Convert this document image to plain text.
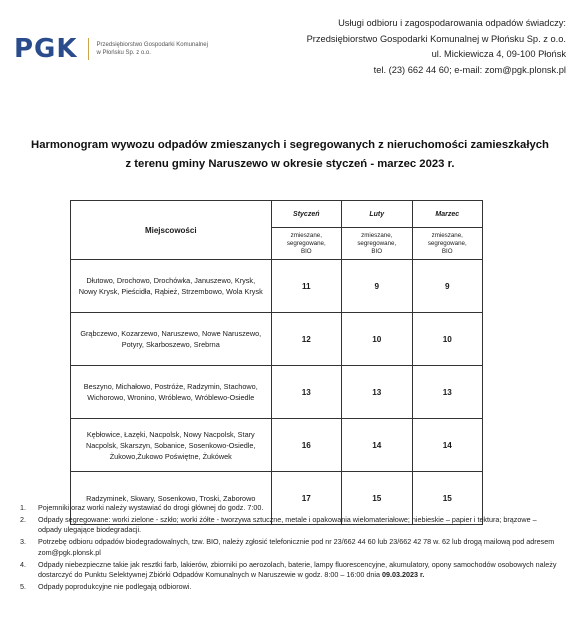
PGK	Przedsiębiorstwo Gospodarki Komunalnej
w Płońsku Sp. z o.o.
Usługi odbioru i zagospodarowania odpadów świadczy:
Przedsiębiorstwo Gospodarki Komunalnej w Płońsku Sp. z o.o.
ul. Mickiewicza 4, 09-100 Płońsk
tel. (23) 662 44 60; e-mail: zom@pgk.plonsk.pl
Harmonogram wywozu odpadów zmieszanych i segregowanych z nieruchomości zamieszkałych
z terenu gminy Naruszewo w okresie styczeń - marzec 2023 r.
Miejscowości	Styczeń	Luty	Marzec
	zmieszane,
segregowane,
BIO	zmieszane,
segregowane,
BIO	zmieszane,
segregowane,
BIO
Dłutowo, Drochowo, Drochówka, Januszewo, Krysk,
Nowy Krysk, Pieścidła, Rąbież, Strzembowo, Wola Krysk	11	9	9
Grąbczewo, Kozarzewo, Naruszewo, Nowe Naruszewo,
Potyry, Skarboszewo, Srebrna	12	10	10
Beszyno, Michałowo, Postróże, Radzymin, Stachowo,
Wichorowo, Wronino, Wróblewo, Wróblewo-Osiedle	13	13	13
Kębłowice, Łazęki, Nacpolsk, Nowy Nacpolsk, Stary
Nacpolsk, Skarszyn, Sobanice, Sosenkowo-Osiedle,
Żukowo,Żukowo Poświętne, Żukówek	16	14	14
Radzyminek, Skwary, Sosenkowo, Troski, Zaborowo	17	15	15
1. Pojemniki oraz worki należy wystawiać do drogi głównej do godz. 7:00.
2. Odpady segregowane: worki zielone - szkło; worki żółte - tworzywa sztuczne, metale i opakowania wielomateriałowe; niebieskie – papier i tektura; brązowe – odpady ulegające biodegradacji.
3. Potrzebę odbioru odpadów biodegradowalnych, tzw. BIO, należy zgłosić telefonicznie pod nr 23/662 44 60 lub 23/662 42 78 w. 62 lub drogą mailową pod adresem zom@pgk.plonsk.pl
4. Odpady niebezpieczne takie jak resztki farb, lakierów, zbiorniki po aerozolach, baterie, lampy fluorescencyjne, akumulatory, opony samochodów osobowych należy dostarczyć do Punktu Selektywnej Zbiórki Odpadów Komunalnych w Naruszewie w godz. 8:00 – 16:00 dnia 09.03.2023 r.
5. Odpady poprodukcyjne nie podlegają odbiorowi.
